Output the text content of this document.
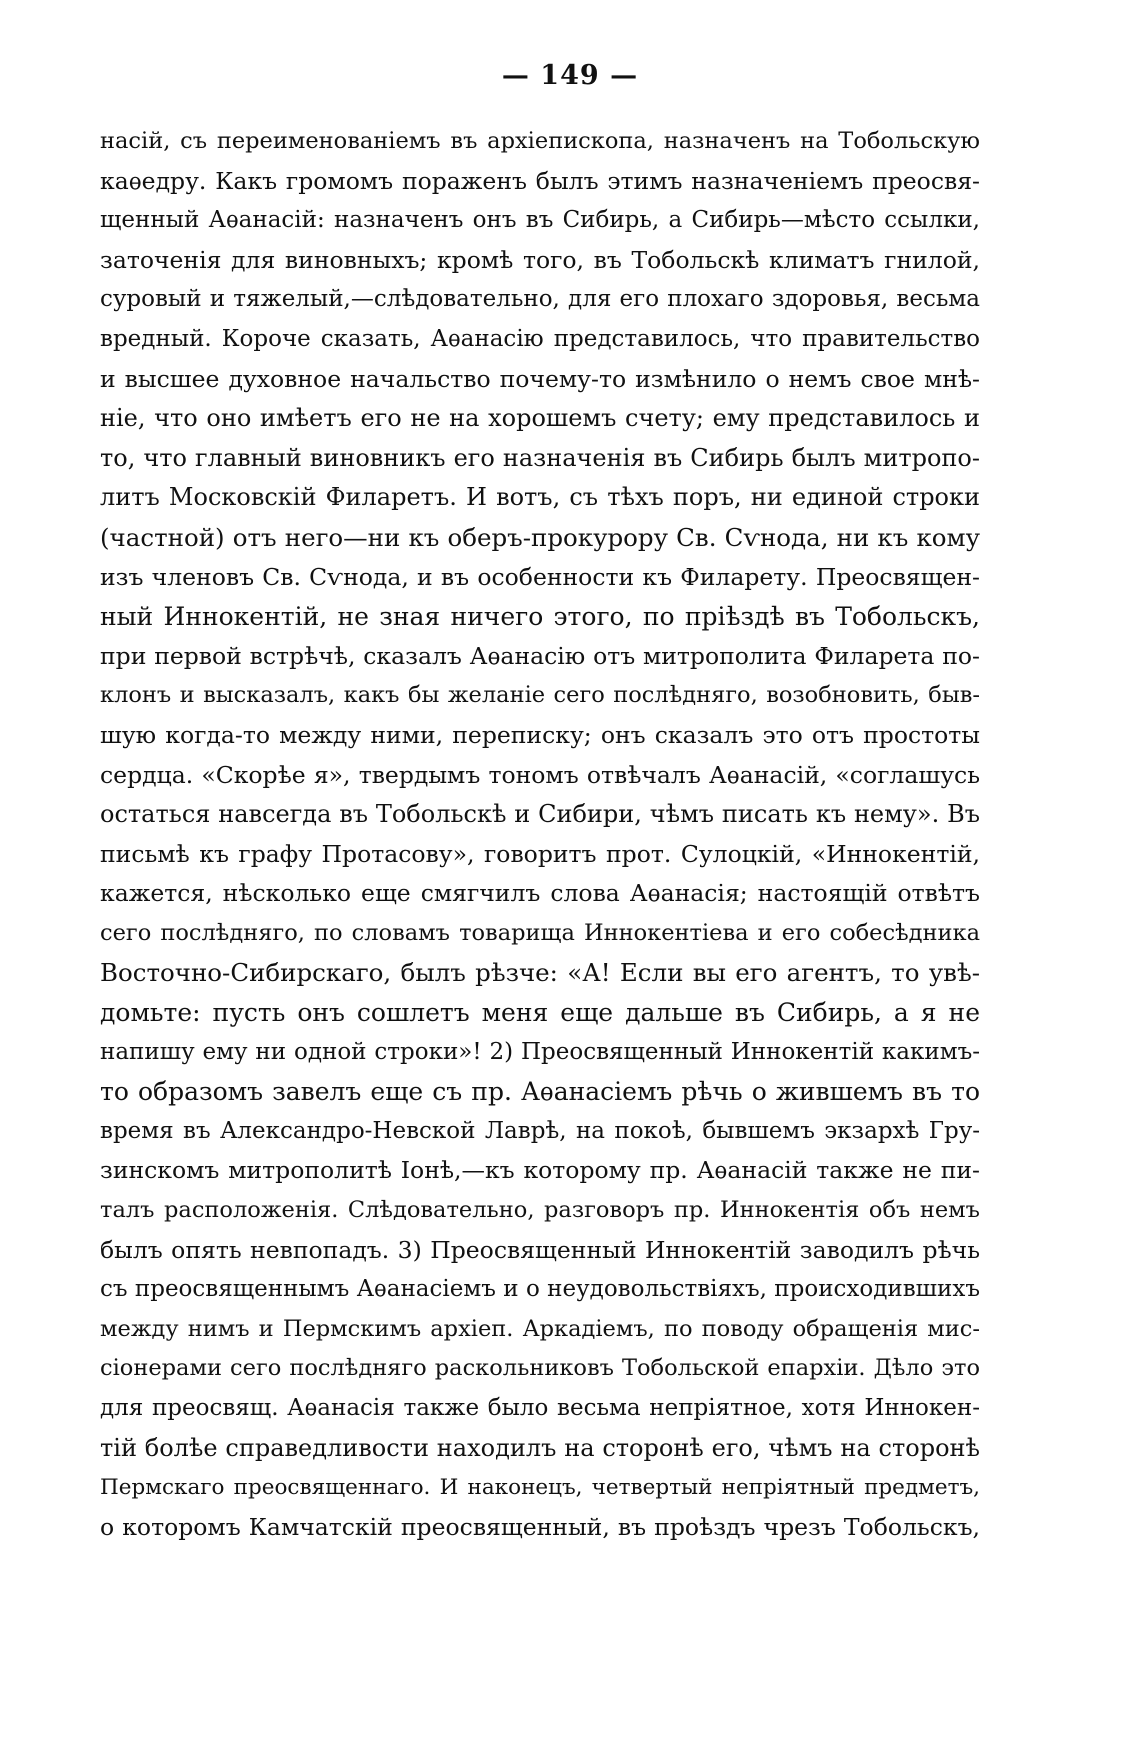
— 149 —
насій, съ переименованіемъ въ архіепископа, назначенъ на Тобольскую
каѳедру. Какъ громомъ пораженъ былъ этимъ назначеніемъ преосвя-
щенный Аѳанасій: назначенъ онъ въ Сибирь, а Сибирь—мѣсто ссылки,
заточенія для виновныхъ; кромѣ того, въ Тобольскѣ климатъ гнилой,
суровый и тяжелый,—слѣдовательно, для его плохаго здоровья, весьма
вредный. Короче сказать, Аѳанасію представилось, что правительство
и высшее духовное начальство почему-то измѣнило о немъ свое мнѣ-
ніе, что оно имѣетъ его не на хорошемъ счету; ему представилось и
то, что главный виновникъ его назначенія въ Сибирь былъ митропо-
литъ Московскій Филаретъ. И вотъ, съ тѣхъ поръ, ни единой строки
(частной) отъ него—ни къ оберъ-прокурору Св. Сѵнода, ни къ кому
изъ членовъ Св. Сѵнода, и въ особенности къ Филарету. Преосвящен-
ный Иннокентій, не зная ничего этого, по пріѣздѣ въ Тобольскъ,
при первой встрѣчѣ, сказалъ Аѳанасію отъ митрополита Филарета по-
клонъ и высказалъ, какъ бы желаніе сего послѣдняго, возобновить, быв-
шую когда-то между ними, переписку; онъ сказалъ это отъ простоты
сердца. «Скорѣе я», твердымъ тономъ отвѣчалъ Аѳанасій, «соглашусь
остаться навсегда въ Тобольскѣ и Сибири, чѣмъ писать къ нему». Въ
письмѣ къ графу Протасову», говоритъ прот. Сулоцкій, «Иннокентій,
кажется, нѣсколько еще смягчилъ слова Аѳанасія; настоящій отвѣтъ
сего послѣдняго, по словамъ товарища Иннокентіева и его собесѣдника
Восточно-Сибирскаго, былъ рѣзче: «А! Если вы его агентъ, то увѣ-
домьте: пусть онъ сошлетъ меня еще дальше въ Сибирь, а я не
напишу ему ни одной строки»! 2) Преосвященный Иннокентій какимъ-
то образомъ завелъ еще съ пр. Аѳанасіемъ рѣчь о жившемъ въ то
время въ Александро-Невской Лаврѣ, на покоѣ, бывшемъ экзархѣ Гру-
зинскомъ митрополитѣ Іонѣ,—къ которому пр. Аѳанасій также не пи-
талъ расположенія. Слѣдовательно, разговоръ пр. Иннокентія объ немъ
былъ опять невпопадъ. 3) Преосвященный Иннокентій заводилъ рѣчь
съ преосвященнымъ Аѳанасіемъ и о неудовольствіяхъ, происходившихъ
между нимъ и Пермскимъ архіеп. Аркадіемъ, по поводу обращенія мис-
сіонерами сего послѣдняго раскольниковъ Тобольской епархіи. Дѣло это
для преосвящ. Аѳанасія также было весьма непріятное, хотя Иннокен-
тій болѣе справедливости находилъ на сторонѣ его, чѣмъ на сторонѣ
Пермскаго преосвященнаго. И наконецъ, четвертый непріятный предметъ,
о которомъ Камчатскій преосвященный, въ проѣздъ чрезъ Тобольскъ,
